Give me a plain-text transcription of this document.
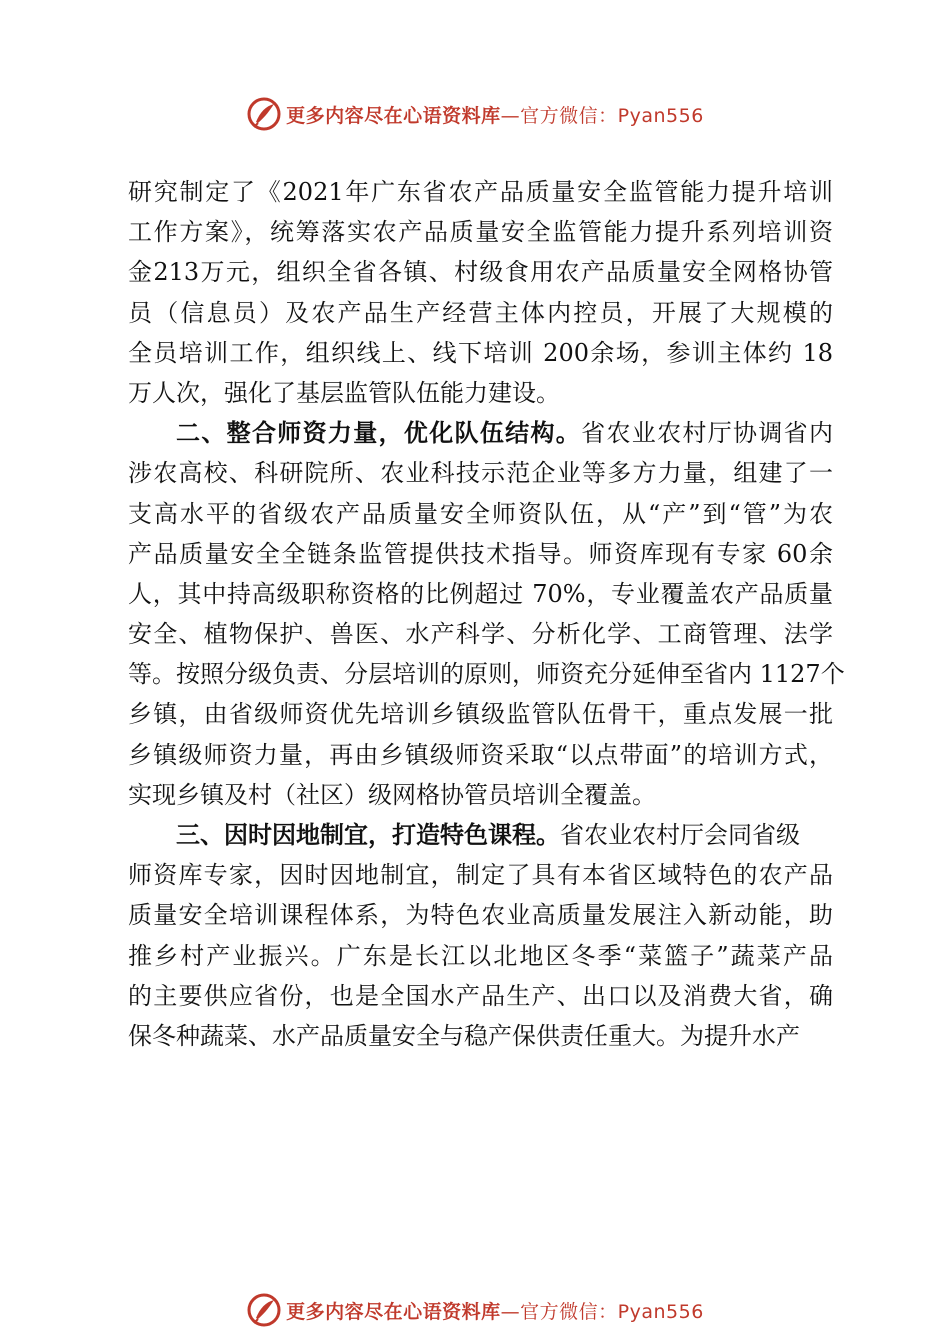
更多内容尽在心语资料库—官方微信：Pyan556

研究制定了《2021年广东省农产品质量安全监管能力提升培训
工作方案》，统筹落实农产品质量安全监管能力提升系列培训资
金213万元，组织全省各镇、村级食用农产品质量安全网格协管
员（信息员）及农产品生产经营主体内控员，开展了大规模的
全员培训工作，组织线上、线下培训 200余场，参训主体约 18
万人次，强化了基层监管队伍能力建设。

二、整合师资力量，优化队伍结构。省农业农村厅协调省内
涉农高校、科研院所、农业科技示范企业等多方力量，组建了一
支高水平的省级农产品质量安全师资队伍，从“产”到“管”为农
产品质量安全全链条监管提供技术指导。师资库现有专家 60余
人，其中持高级职称资格的比例超过 70%，专业覆盖农产品质量
安全、植物保护、兽医、水产科学、分析化学、工商管理、法学
等。按照分级负责、分层培训的原则，师资充分延伸至省内 1127个
乡镇，由省级师资优先培训乡镇级监管队伍骨干，重点发展一批
乡镇级师资力量，再由乡镇级师资采取“以点带面”的培训方式，
实现乡镇及村（社区）级网格协管员培训全覆盖。

三、因时因地制宜，打造特色课程。省农业农村厅会同省级
师资库专家，因时因地制宜，制定了具有本省区域特色的农产品
质量安全培训课程体系，为特色农业高质量发展注入新动能，助
推乡村产业振兴。广东是长江以北地区冬季“菜篮子”蔬菜产品
的主要供应省份，也是全国水产品生产、出口以及消费大省，确
保冬种蔬菜、水产品质量安全与稳产保供责任重大。为提升水产

更多内容尽在心语资料库—官方微信：Pyan556
